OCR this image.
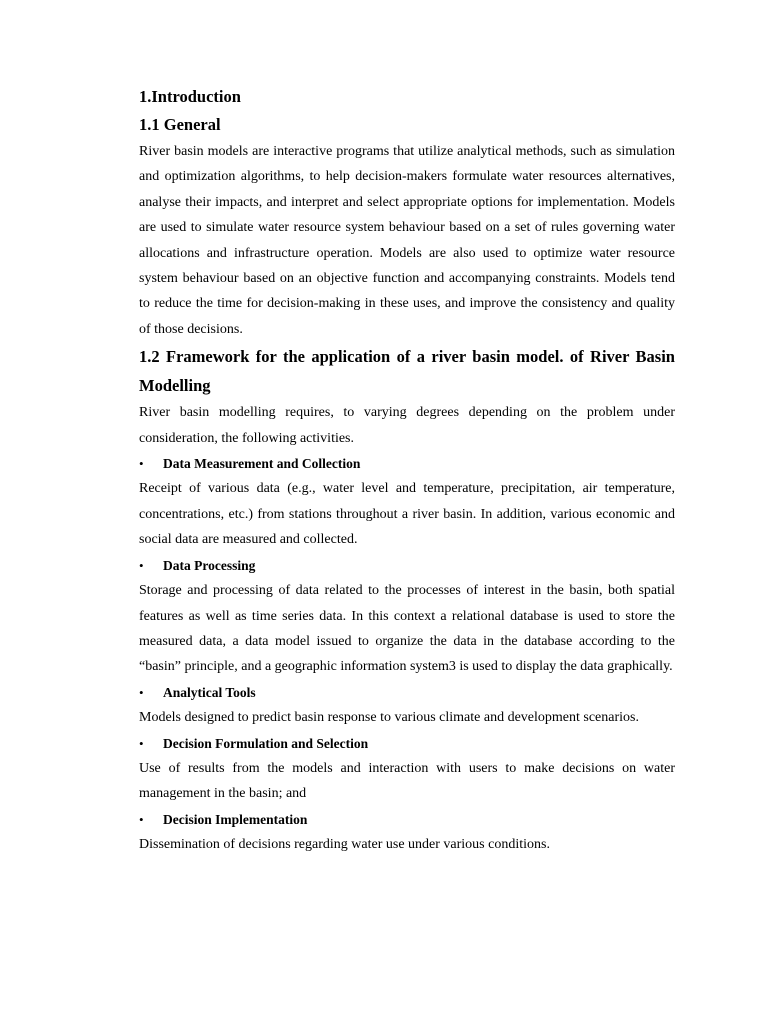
1.Introduction
1.1 General

River basin models are interactive programs that utilize analytical methods, such as simulation and optimization algorithms, to help decision-makers formulate water resources alternatives, analyse their impacts, and interpret and select appropriate options for implementation. Models are used to simulate water resource system behaviour based on a set of rules governing water allocations and infrastructure operation. Models are also used to optimize water resource system behaviour based on an objective function and accompanying constraints. Models tend to reduce the time for decision-making in these uses, and improve the consistency and quality of those decisions.

1.2 Framework for the application of a river basin model. of River Basin Modelling

River basin modelling requires, to varying degrees depending on the problem under consideration, the following activities.

•	Data Measurement and Collection

Receipt of various data (e.g., water level and temperature, precipitation, air temperature, concentrations, etc.) from stations throughout a river basin. In addition, various economic and social data are measured and collected.

•	Data Processing

Storage and processing of data related to the processes of interest in the basin, both spatial features as well as time series data. In this context a relational database is used to store the measured data, a data model issued to organize the data in the database according to the “basin” principle, and a geographic information system3 is used to display the data graphically.

•	Analytical Tools

Models designed to predict basin response to various climate and development scenarios.

•	Decision Formulation and Selection

Use of results from the models and interaction with users to make decisions on water management in the basin; and

•	Decision Implementation

Dissemination of decisions regarding water use under various conditions.
